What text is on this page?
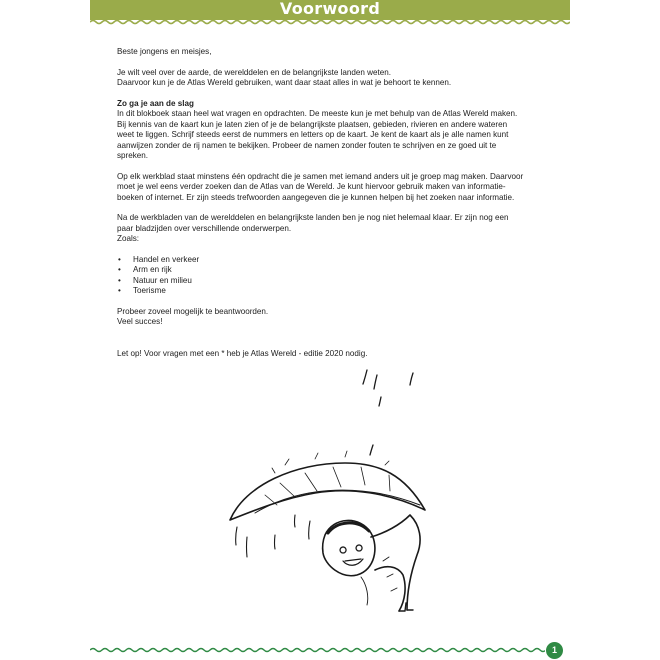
Voorwoord

Beste jongens en meisjes,

Je wilt veel over de aarde, de werelddelen en de belangrijkste landen weten.
Daarvoor kun je de Atlas Wereld gebruiken, want daar staat alles in wat je behoort te kennen.

Zo ga je aan de slag
In dit blokboek staan heel wat vragen en opdrachten. De meeste kun je met behulp van de Atlas Wereld maken.
Bij kennis van de kaart kun je laten zien of je de belangrijkste plaatsen, gebieden, rivieren en andere wateren
weet te liggen. Schrijf steeds eerst de nummers en letters op de kaart. Je kent de kaart als je alle namen kunt
aanwijzen zonder de rij namen te bekijken. Probeer de namen zonder fouten te schrijven en ze goed uit te
spreken.

Op elk werkblad staat minstens één opdracht die je samen met iemand anders uit je groep mag maken. Daarvoor
moet je wel eens verder zoeken dan de Atlas van de Wereld. Je kunt hiervoor gebruik maken van informatie-
boeken of internet. Er zijn steeds trefwoorden aangegeven die je kunnen helpen bij het zoeken naar informatie.

Na de werkbladen van de werelddelen en belangrijkste landen ben je nog niet helemaal klaar. Er zijn nog een
paar bladzijden over verschillende onderwerpen.
Zoals:

• Handel en verkeer
• Arm en rijk
• Natuur en milieu
• Toerisme

Probeer zoveel mogelijk te beantwoorden.
Veel succes!

Let op! Voor vragen met een * heb je Atlas Wereld - editie 2020 nodig.

1
